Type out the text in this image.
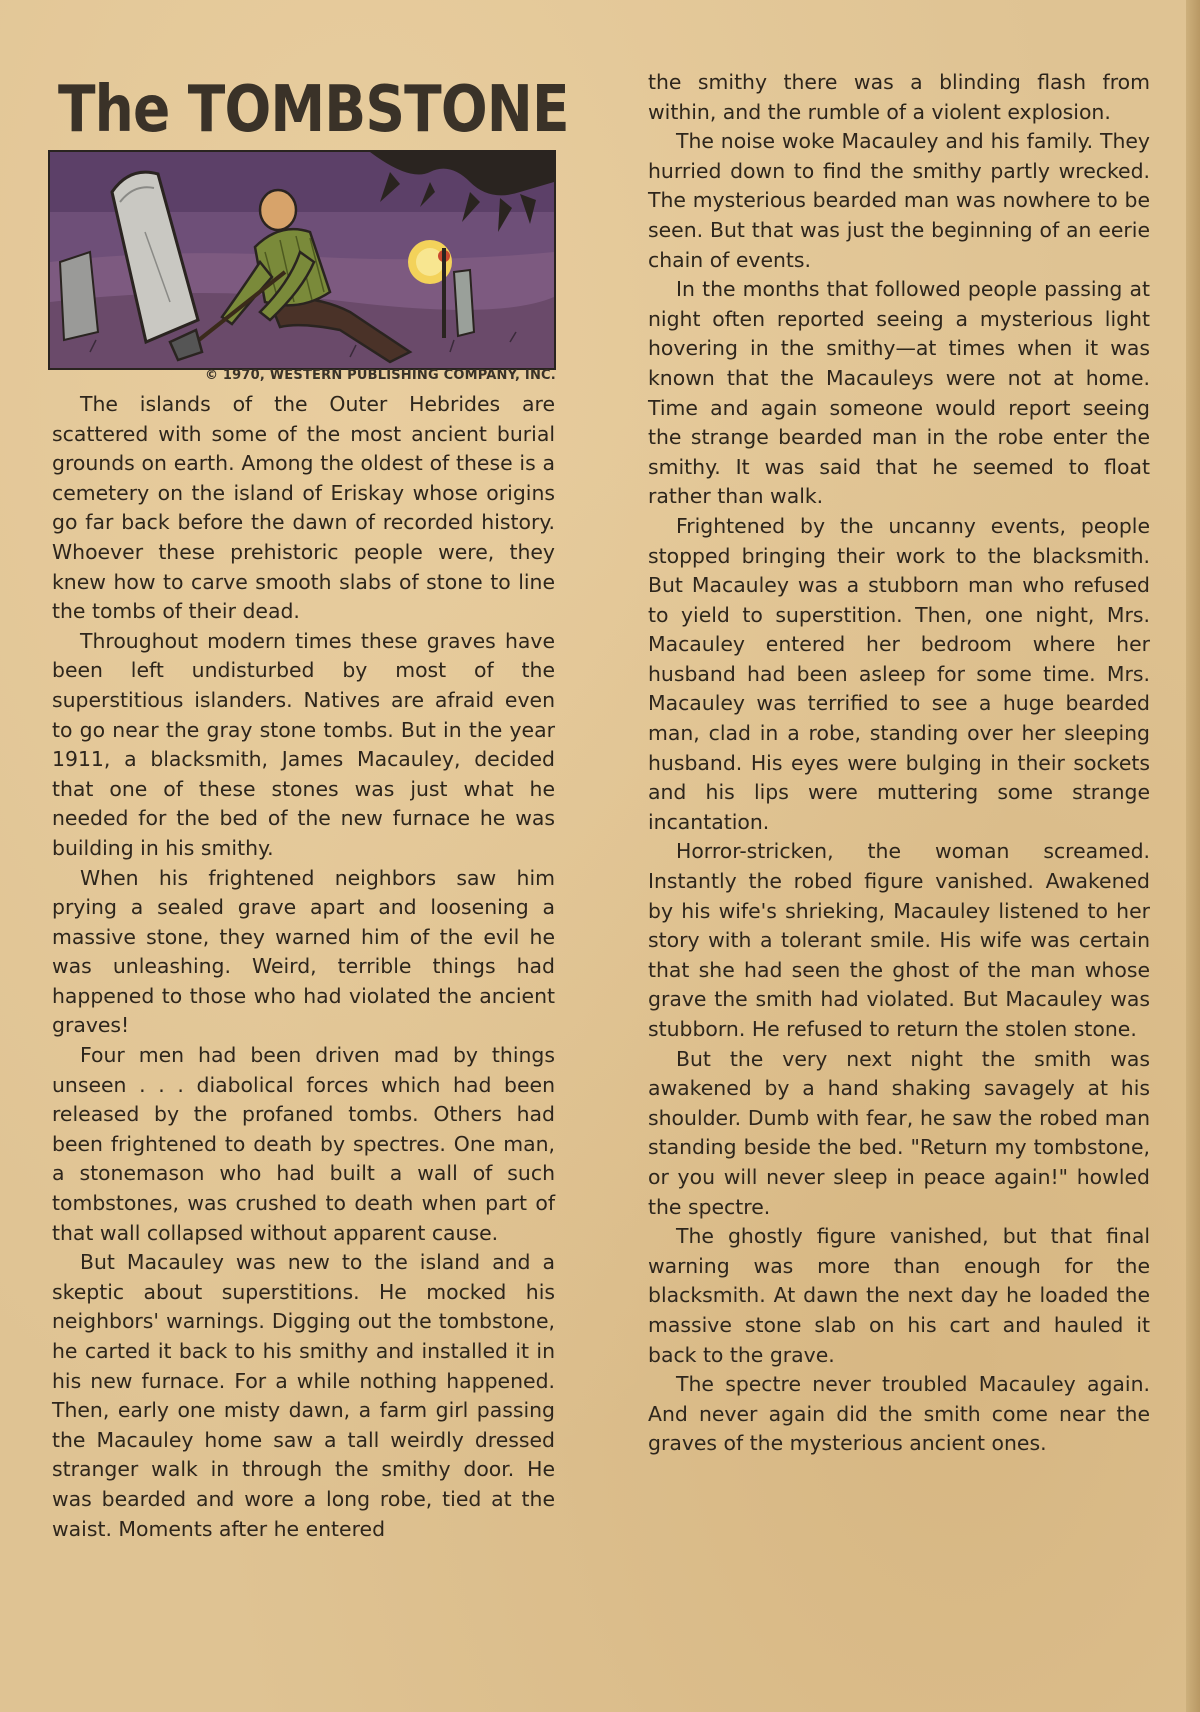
The TOMBSTONE
© 1970, WESTERN PUBLISHING COMPANY, INC.

The islands of the Outer Hebrides are scattered with some of the most ancient burial grounds on earth. Among the oldest of these is a cemetery on the island of Eriskay whose origins go far back before the dawn of recorded history. Whoever these prehistoric people were, they knew how to carve smooth slabs of stone to line the tombs of their dead.

Throughout modern times these graves have been left undisturbed by most of the superstitious islanders. Natives are afraid even to go near the gray stone tombs. But in the year 1911, a blacksmith, James Macauley, decided that one of these stones was just what he needed for the bed of the new furnace he was building in his smithy.

When his frightened neighbors saw him prying a sealed grave apart and loosening a massive stone, they warned him of the evil he was unleashing. Weird, terrible things had happened to those who had violated the ancient graves!

Four men had been driven mad by things unseen . . . diabolical forces which had been released by the profaned tombs. Others had been frightened to death by spectres. One man, a stonemason who had built a wall of such tombstones, was crushed to death when part of that wall collapsed without apparent cause.

But Macauley was new to the island and a skeptic about superstitions. He mocked his neighbors' warnings. Digging out the tombstone, he carted it back to his smithy and installed it in his new furnace. For a while nothing happened. Then, early one misty dawn, a farm girl passing the Macauley home saw a tall weirdly dressed stranger walk in through the smithy door. He was bearded and wore a long robe, tied at the waist. Moments after he entered

the smithy there was a blinding flash from within, and the rumble of a violent explosion.

The noise woke Macauley and his family. They hurried down to find the smithy partly wrecked. The mysterious bearded man was nowhere to be seen. But that was just the beginning of an eerie chain of events.

In the months that followed people passing at night often reported seeing a mysterious light hovering in the smithy—at times when it was known that the Macauleys were not at home. Time and again someone would report seeing the strange bearded man in the robe enter the smithy. It was said that he seemed to float rather than walk.

Frightened by the uncanny events, people stopped bringing their work to the blacksmith. But Macauley was a stubborn man who refused to yield to superstition. Then, one night, Mrs. Macauley entered her bedroom where her husband had been asleep for some time. Mrs. Macauley was terrified to see a huge bearded man, clad in a robe, standing over her sleeping husband. His eyes were bulging in their sockets and his lips were muttering some strange incantation.

Horror-stricken, the woman screamed. Instantly the robed figure vanished. Awakened by his wife's shrieking, Macauley listened to her story with a tolerant smile. His wife was certain that she had seen the ghost of the man whose grave the smith had violated. But Macauley was stubborn. He refused to return the stolen stone.

But the very next night the smith was awakened by a hand shaking savagely at his shoulder. Dumb with fear, he saw the robed man standing beside the bed. "Return my tombstone, or you will never sleep in peace again!" howled the spectre.

The ghostly figure vanished, but that final warning was more than enough for the blacksmith. At dawn the next day he loaded the massive stone slab on his cart and hauled it back to the grave.

The spectre never troubled Macauley again. And never again did the smith come near the graves of the mysterious ancient ones.
